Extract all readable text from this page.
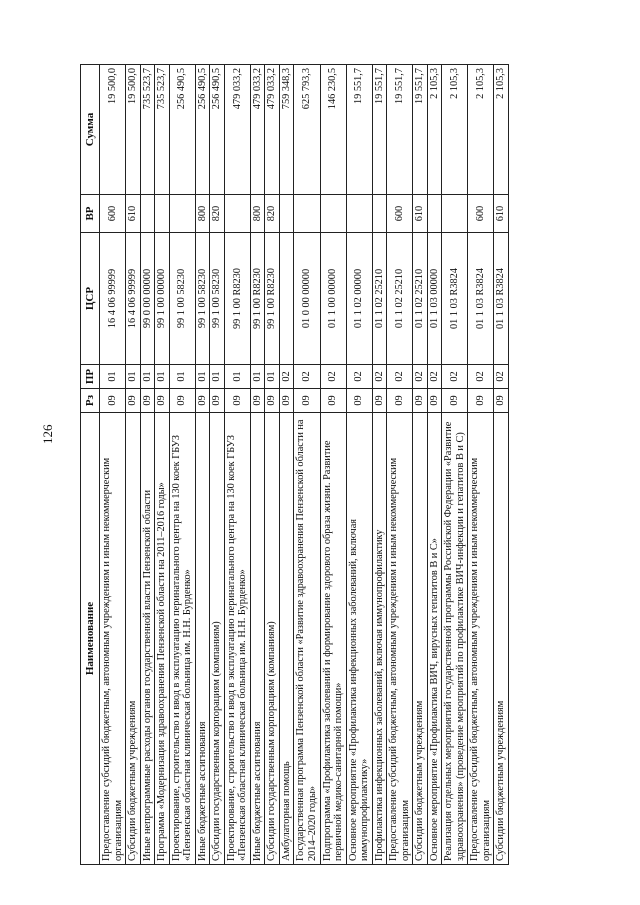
126
Наименование	Рз	ПР	ЦСР	ВР	Сумма
Предоставление субсидий бюджетным, автономным учреждениям и иным некоммерческим организациям	09	01	16 4 06 99999	600	19 500,0
Субсидии бюджетным учреждениям	09	01	16 4 06 99999	610	19 500,0
Иные непрограммные расходы органов государственной власти Пензенской области	09	01	99 0 00 00000		735 523,7
Программа «Модернизация здравоохранения Пензенской области на 2011–2016 годы»	09	01	99 1 00 00000		735 523,7
Проектирование, строительство и ввод в эксплуатацию перинатального центра на 130 коек ГБУЗ «Пензенская областная клиническая больница им. Н.Н. Бурденко»	09	01	99 1 00 58230		256 490,5
Иные бюджетные ассигнования	09	01	99 1 00 58230	800	256 490,5
Субсидии государственным корпорациям (компаниям)	09	01	99 1 00 58230	820	256 490,5
Проектирование, строительство и ввод в эксплуатацию перинатального центра на 130 коек ГБУЗ «Пензенская областная клиническая больница им. Н.Н. Бурденко»	09	01	99 1 00 R8230		479 033,2
Иные бюджетные ассигнования	09	01	99 1 00 R8230	800	479 033,2
Субсидии государственным корпорациям (компаниям)	09	01	99 1 00 R8230	820	479 033,2
Амбулаторная помощь	09	02			759 348,3
Государственная программа Пензенской области «Развитие здравоохранения Пензенской области на 2014–2020 годы»	09	02	01 0 00 00000		625 793,3
Подпрограмма «Профилактика заболеваний и формирование здорового образа жизни. Развитие первичной медико-санитарной помощи»	09	02	01 1 00 00000		146 230,5
Основное мероприятие «Профилактика инфекционных заболеваний, включая иммунопрофилактику»	09	02	01 1 02 00000		19 551,7
Профилактика инфекционных заболеваний, включая иммунопрофилактику	09	02	01 1 02 25210		19 551,7
Предоставление субсидий бюджетным, автономным учреждениям и иным некоммерческим организациям	09	02	01 1 02 25210	600	19 551,7
Субсидии бюджетным учреждениям	09	02	01 1 02 25210	610	19 551,7
Основное мероприятие «Профилактика ВИЧ, вирусных гепатитов В и С»	09	02	01 1 03 00000		2 105,3
Реализация отдельных мероприятий государственной программы Российской Федерации «Развитие здравоохранения» (проведение мероприятий по профилактике ВИЧ-инфекции и гепатитов В и С)	09	02	01 1 03 R3824		2 105,3
Предоставление субсидий бюджетным, автономным учреждениям и иным некоммерческим организациям	09	02	01 1 03 R3824	600	2 105,3
Субсидии бюджетным учреждениям	09	02	01 1 03 R3824	610	2 105,3
